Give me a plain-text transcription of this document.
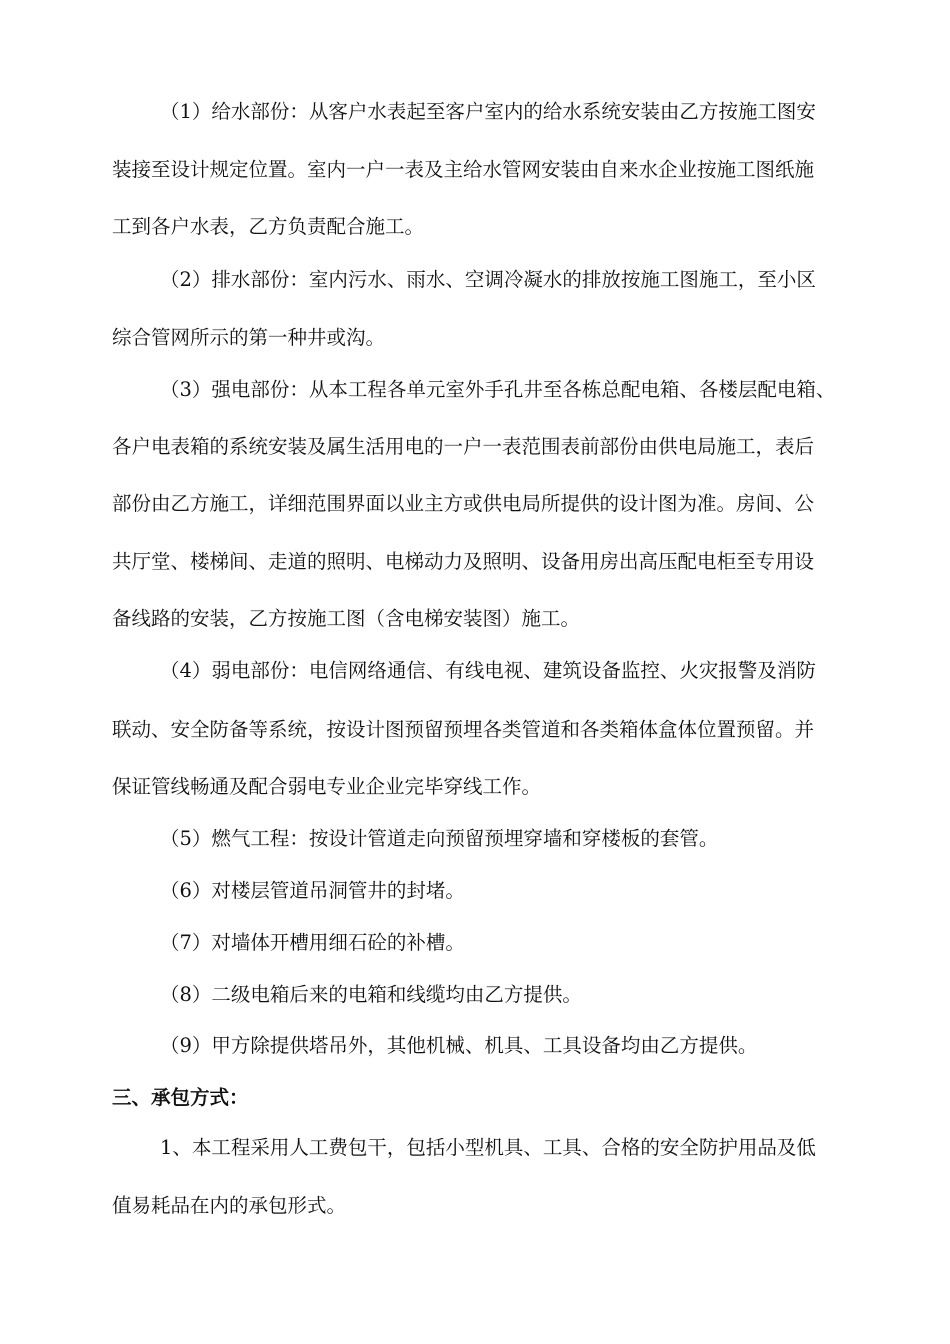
（1）给水部份：从客户水表起至客户室内的给水系统安装由乙方按施工图安
装接至设计规定位置。室内一户一表及主给水管网安装由自来水企业按施工图纸施
工到各户水表，乙方负责配合施工。
（2）排水部份：室内污水、雨水、空调冷凝水的排放按施工图施工，至小区
综合管网所示的第一种井或沟。
（3）强电部份：从本工程各单元室外手孔井至各栋总配电箱、各楼层配电箱、
各户电表箱的系统安装及属生活用电的一户一表范围表前部份由供电局施工，表后
部份由乙方施工，详细范围界面以业主方或供电局所提供的设计图为准。房间、公
共厅堂、楼梯间、走道的照明、电梯动力及照明、设备用房出高压配电柜至专用设
备线路的安装，乙方按施工图（含电梯安装图）施工。
（4）弱电部份：电信网络通信、有线电视、建筑设备监控、火灾报警及消防
联动、安全防备等系统，按设计图预留预埋各类管道和各类箱体盒体位置预留。并
保证管线畅通及配合弱电专业企业完毕穿线工作。
（5）燃气工程：按设计管道走向预留预埋穿墙和穿楼板的套管。
（6）对楼层管道吊洞管井的封堵。
（7）对墙体开槽用细石砼的补槽。
（8）二级电箱后来的电箱和线缆均由乙方提供。
（9）甲方除提供塔吊外，其他机械、机具、工具设备均由乙方提供。
三、承包方式：
1、本工程采用人工费包干，包括小型机具、工具、合格的安全防护用品及低
值易耗品在内的承包形式。
